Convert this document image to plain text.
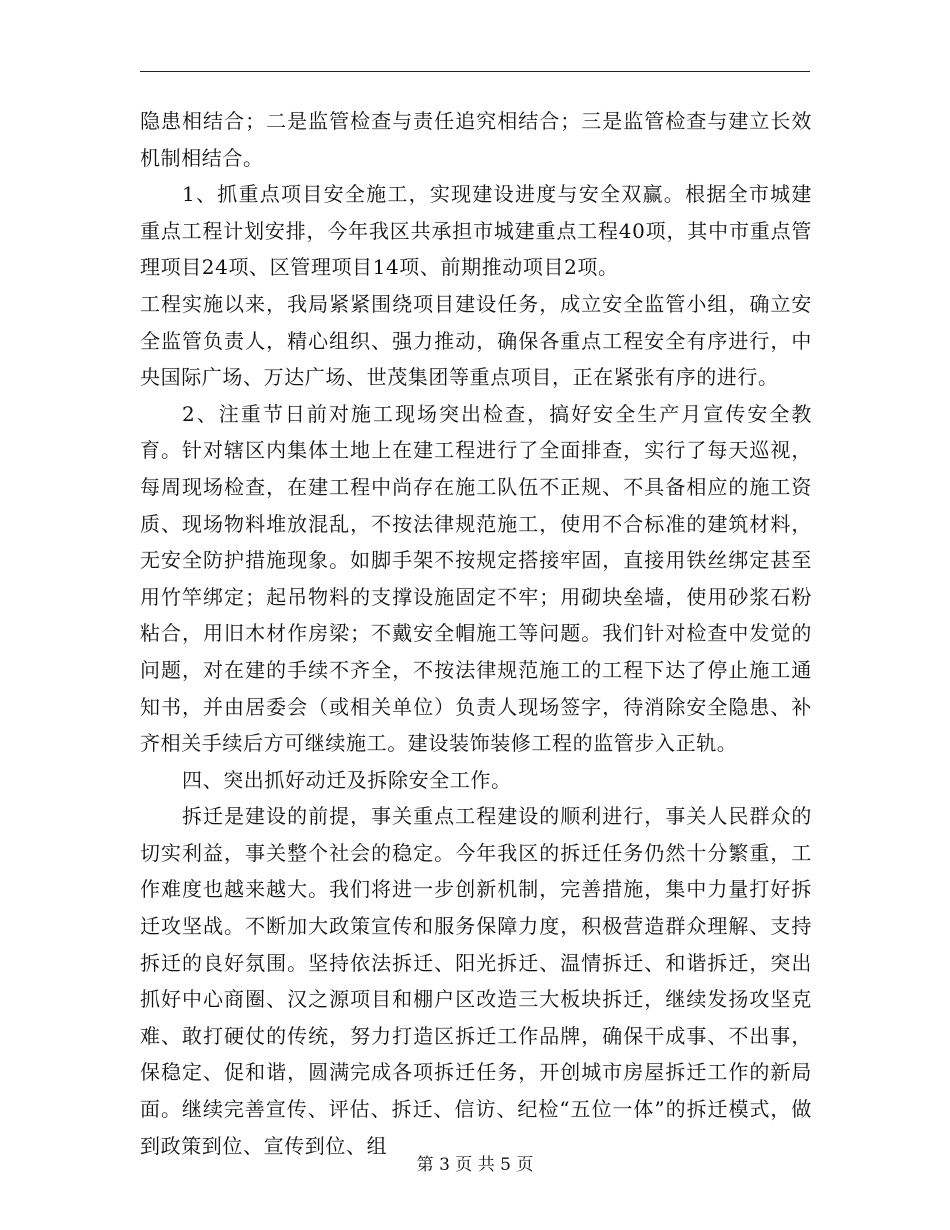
隐患相结合；二是监管检查与责任追究相结合；三是监管检查与建立长效机制相结合。

1、抓重点项目安全施工，实现建设进度与安全双赢。根据全市城建重点工程计划安排，今年我区共承担市城建重点工程40项，其中市重点管理项目24项、区管理项目14项、前期推动项目2项。

工程实施以来，我局紧紧围绕项目建设任务，成立安全监管小组，确立安全监管负责人，精心组织、强力推动，确保各重点工程安全有序进行，中央国际广场、万达广场、世茂集团等重点项目，正在紧张有序的进行。

2、注重节日前对施工现场突出检查，搞好安全生产月宣传安全教育。针对辖区内集体土地上在建工程进行了全面排查，实行了每天巡视，每周现场检查，在建工程中尚存在施工队伍不正规、不具备相应的施工资质、现场物料堆放混乱，不按法律规范施工，使用不合标准的建筑材料，无安全防护措施现象。如脚手架不按规定搭接牢固，直接用铁丝绑定甚至用竹竿绑定；起吊物料的支撑设施固定不牢；用砌块垒墙，使用砂浆石粉粘合，用旧木材作房梁；不戴安全帽施工等问题。我们针对检查中发觉的问题，对在建的手续不齐全，不按法律规范施工的工程下达了停止施工通知书，并由居委会（或相关单位）负责人现场签字，待消除安全隐患、补齐相关手续后方可继续施工。建设装饰装修工程的监管步入正轨。

四、突出抓好动迁及拆除安全工作。

拆迁是建设的前提，事关重点工程建设的顺利进行，事关人民群众的切实利益，事关整个社会的稳定。今年我区的拆迁任务仍然十分繁重，工作难度也越来越大。我们将进一步创新机制，完善措施，集中力量打好拆迁攻坚战。不断加大政策宣传和服务保障力度，积极营造群众理解、支持拆迁的良好氛围。坚持依法拆迁、阳光拆迁、温情拆迁、和谐拆迁，突出抓好中心商圈、汉之源项目和棚户区改造三大板块拆迁，继续发扬攻坚克难、敢打硬仗的传统，努力打造区拆迁工作品牌，确保干成事、不出事，保稳定、促和谐，圆满完成各项拆迁任务，开创城市房屋拆迁工作的新局面。继续完善宣传、评估、拆迁、信访、纪检“五位一体”的拆迁模式，做到政策到位、宣传到位、组

第 3 页 共 5 页
